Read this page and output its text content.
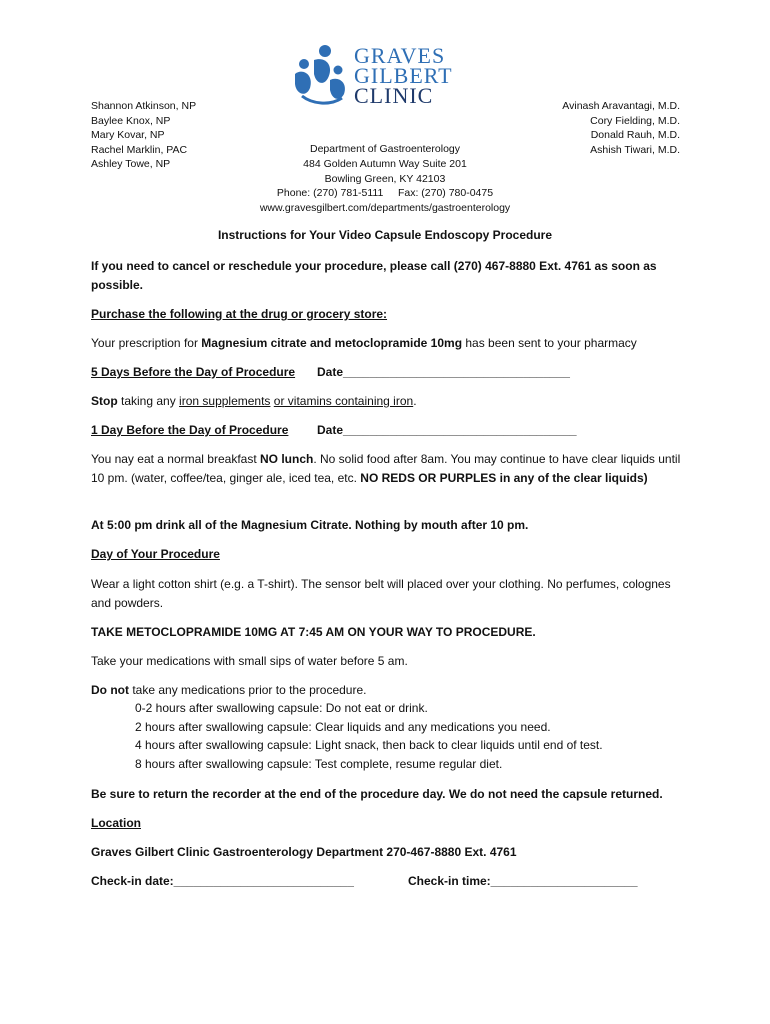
GRAVES
GILBERT
CLINIC
Shannon Atkinson, NP
Baylee Knox, NP
Mary Kovar, NP
Rachel Marklin, PAC
Ashley Towe, NP
Avinash Aravantagi, M.D.
Cory Fielding, M.D.
Donald Rauh, M.D.
Ashish Tiwari, M.D.
Department of Gastroenterology
484 Golden Autumn Way Suite 201
Bowling Green, KY 42103
Phone: (270) 781-5111 Fax: (270) 780-0475
www.gravesgilbert.com/departments/gastroenterology
Instructions for Your Video Capsule Endoscopy Procedure
If you need to cancel or reschedule your procedure, please call (270) 467-8880 Ext. 4761 as soon as possible.
Purchase the following at the drug or grocery store:
Your prescription for Magnesium citrate and metoclopramide 10mg has been sent to your pharmacy
5 Days Before the Day of Procedure Date__________________________________
Stop taking any iron supplements or vitamins containing iron.
1 Day Before the Day of Procedure Date___________________________________
You nay eat a normal breakfast NO lunch. No solid food after 8am. You may continue to have clear liquids until 10 pm. (water, coffee/tea, ginger ale, iced tea, etc. NO REDS OR PURPLES in any of the clear liquids)
At 5:00 pm drink all of the Magnesium Citrate. Nothing by mouth after 10 pm.
Day of Your Procedure
Wear a light cotton shirt (e.g. a T-shirt). The sensor belt will placed over your clothing. No perfumes, colognes and powders.
TAKE METOCLOPRAMIDE 10MG AT 7:45 AM ON YOUR WAY TO PROCEDURE.
Take your medications with small sips of water before 5 am.
Do not take any medications prior to the procedure.
0-2 hours after swallowing capsule: Do not eat or drink.
2 hours after swallowing capsule: Clear liquids and any medications you need.
4 hours after swallowing capsule: Light snack, then back to clear liquids until end of test.
8 hours after swallowing capsule: Test complete, resume regular diet.
Be sure to return the recorder at the end of the procedure day. We do not need the capsule returned.
Location
Graves Gilbert Clinic Gastroenterology Department 270-467-8880 Ext. 4761
Check-in date:___________________________	Check-in time:______________________
